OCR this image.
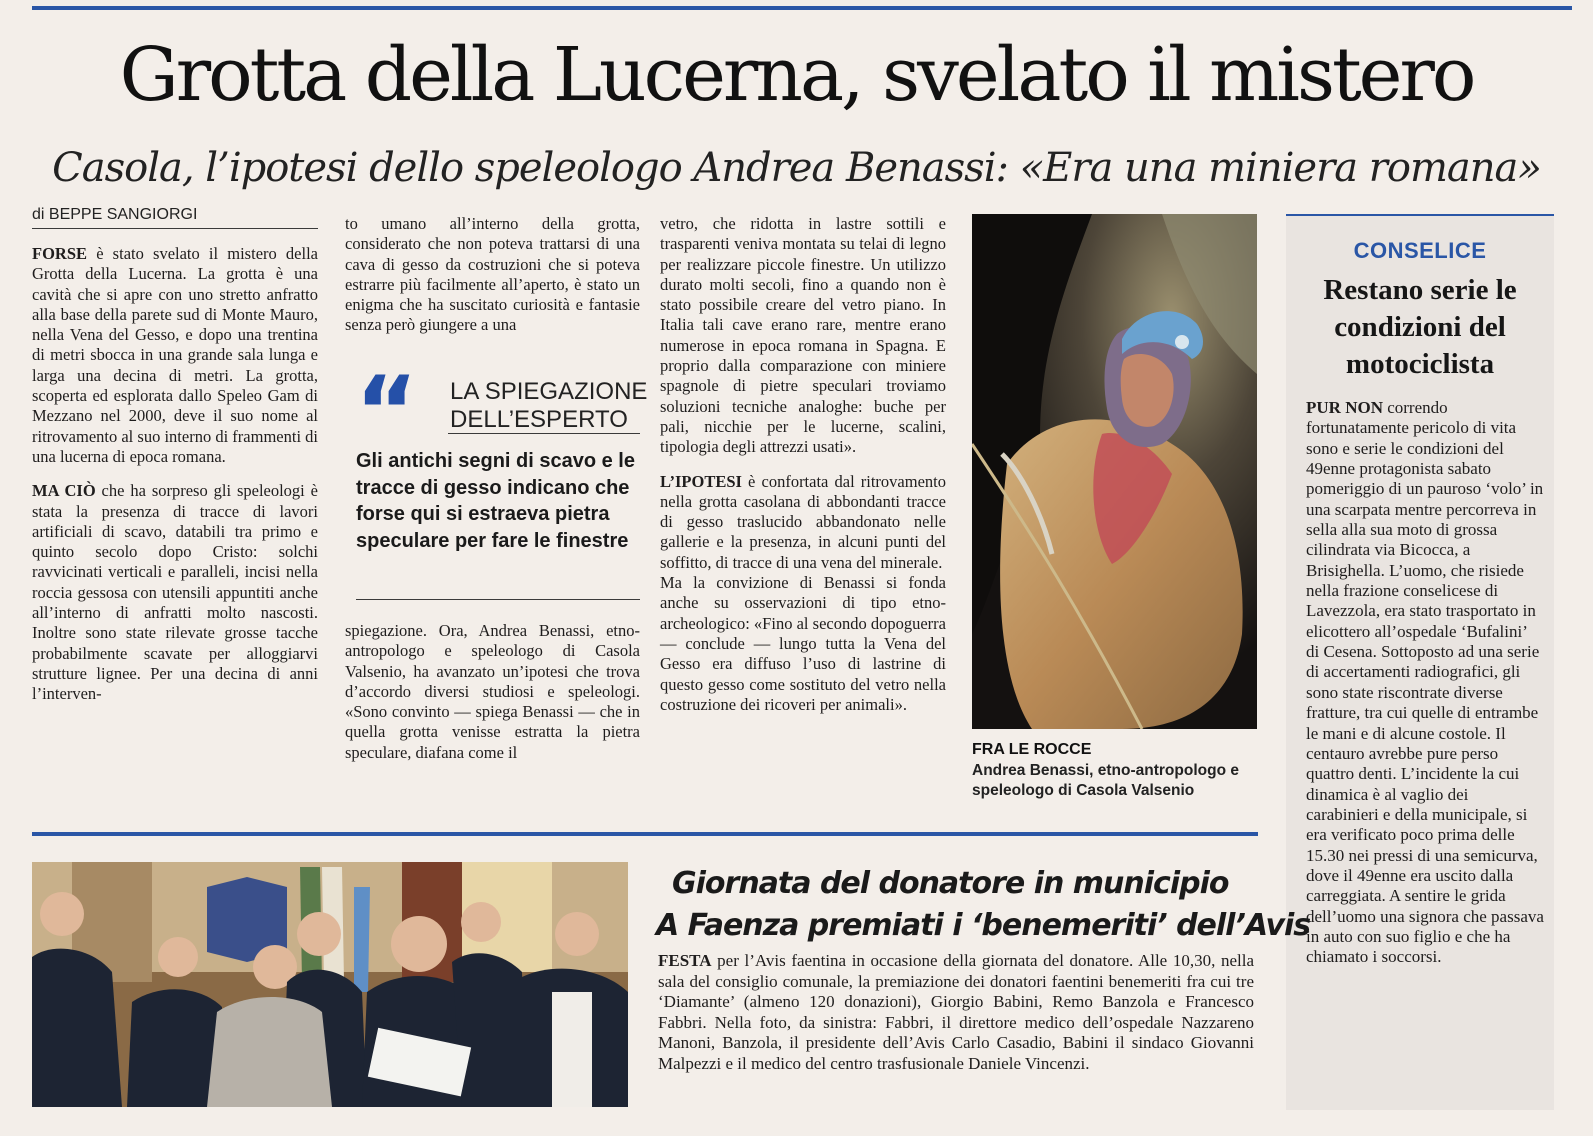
Grotta della Lucerna, svelato il mistero
Casola, l’ipotesi dello speleologo Andrea Benassi: «Era una miniera romana»
di BEPPE SANGIORGI

FORSE è stato svelato il mistero della Grotta della Lucerna. La grotta è una cavità che si apre con uno stretto anfratto alla base della parete sud di Monte Mauro, nella Vena del Gesso, e dopo una trentina di metri sbocca in una grande sala lunga e larga una decina di metri. La grotta, scoperta ed esplorata dallo Speleo Gam di Mezzano nel 2000, deve il suo nome al ritrovamento al suo interno di frammenti di una lucerna di epoca romana.

MA CIÒ che ha sorpreso gli speleologi è stata la presenza di tracce di lavori artificiali di scavo, databili tra primo e quinto secolo dopo Cristo: solchi ravvicinati verticali e paralleli, incisi nella roccia gessosa con utensili appuntiti anche all’interno di anfratti molto nascosti. Inoltre sono state rilevate grosse tacche probabilmente scavate per alloggiarvi strutture lignee. Per una decina di anni l’interven-

to umano all’interno della grotta, considerato che non poteva trattarsi di una cava di gesso da costruzioni che si poteva estrarre più facilmente all’aperto, è stato un enigma che ha suscitato curiosità e fantasie senza però giungere a una

“ LA SPIEGAZIONE
DELL’ESPERTO
Gli antichi segni di scavo e le tracce di gesso indicano che forse qui si estraeva pietra speculare per fare le finestre

spiegazione. Ora, Andrea Benassi, etno-antropologo e speleologo di Casola Valsenio, ha avanzato un’ipotesi che trova d’accordo diversi studiosi e speleologi. «Sono convinto — spiega Benassi — che in quella grotta venisse estratta la pietra speculare, diafana come il

vetro, che ridotta in lastre sottili e trasparenti veniva montata su telai di legno per realizzare piccole finestre. Un utilizzo durato molti secoli, fino a quando non è stato possibile creare del vetro piano. In Italia tali cave erano rare, mentre erano numerose in epoca romana in Spagna. E proprio dalla comparazione con miniere spagnole di pietre speculari troviamo soluzioni tecniche analoghe: buche per pali, nicchie per le lucerne, scalini, tipologia degli attrezzi usati».

L’IPOTESI è confortata dal ritrovamento nella grotta casolana di abbondanti tracce di gesso traslucido abbandonato nelle gallerie e la presenza, in alcuni punti del soffitto, di tracce di una vena del minerale.

Ma la convizione di Benassi si fonda anche su osservazioni di tipo etno-archeologico: «Fino al secondo dopoguerra — conclude — lungo tutta la Vena del Gesso era diffuso l’uso di lastrine di questo gesso come sostituto del vetro nella costruzione dei ricoveri per animali».

FRA LE ROCCE
Andrea Benassi, etno-antropologo e speleologo di Casola Valsenio
CONSELICE
Restano serie le condizioni del motociclista
PUR NON correndo fortunatamente pericolo di vita sono e serie le condizioni del 49enne protagonista sabato pomeriggio di un pauroso ‘volo’ in una scarpata mentre percorreva in sella alla sua moto di grossa cilindrata via Bicocca, a Brisighella. L’uomo, che risiede nella frazione conselicese di Lavezzola, era stato trasportato in elicottero all’ospedale ‘Bufalini’ di Cesena. Sottoposto ad una serie di accertamenti radiografici, gli sono state riscontrate diverse fratture, tra cui quelle di entrambe le mani e di alcune costole. Il centauro avrebbe pure perso quattro denti. L’incidente la cui dinamica è al vaglio dei carabinieri e della municipale, si era verificato poco prima delle 15.30 nei pressi di una semicurva, dove il 49enne era uscito dalla carreggiata. A sentire le grida dell’uomo una signora che passava in auto con suo figlio e che ha chiamato i soccorsi.
Giornata del donatore in municipio
A Faenza premiati i ‘benemeriti’ dell’Avis
FESTA per l’Avis faentina in occasione della giornata del donatore. Alle 10,30, nella sala del consiglio comunale, la premiazione dei donatori faentini benemeriti fra cui tre ‘Diamante’ (almeno 120 donazioni), Giorgio Babini, Remo Banzola e Francesco Fabbri. Nella foto, da sinistra: Fabbri, il direttore medico dell’ospedale Nazzareno Manoni, Banzola, il presidente dell’Avis Carlo Casadio, Babini il sindaco Giovanni Malpezzi e il medico del centro trasfusionale Daniele Vincenzi.
